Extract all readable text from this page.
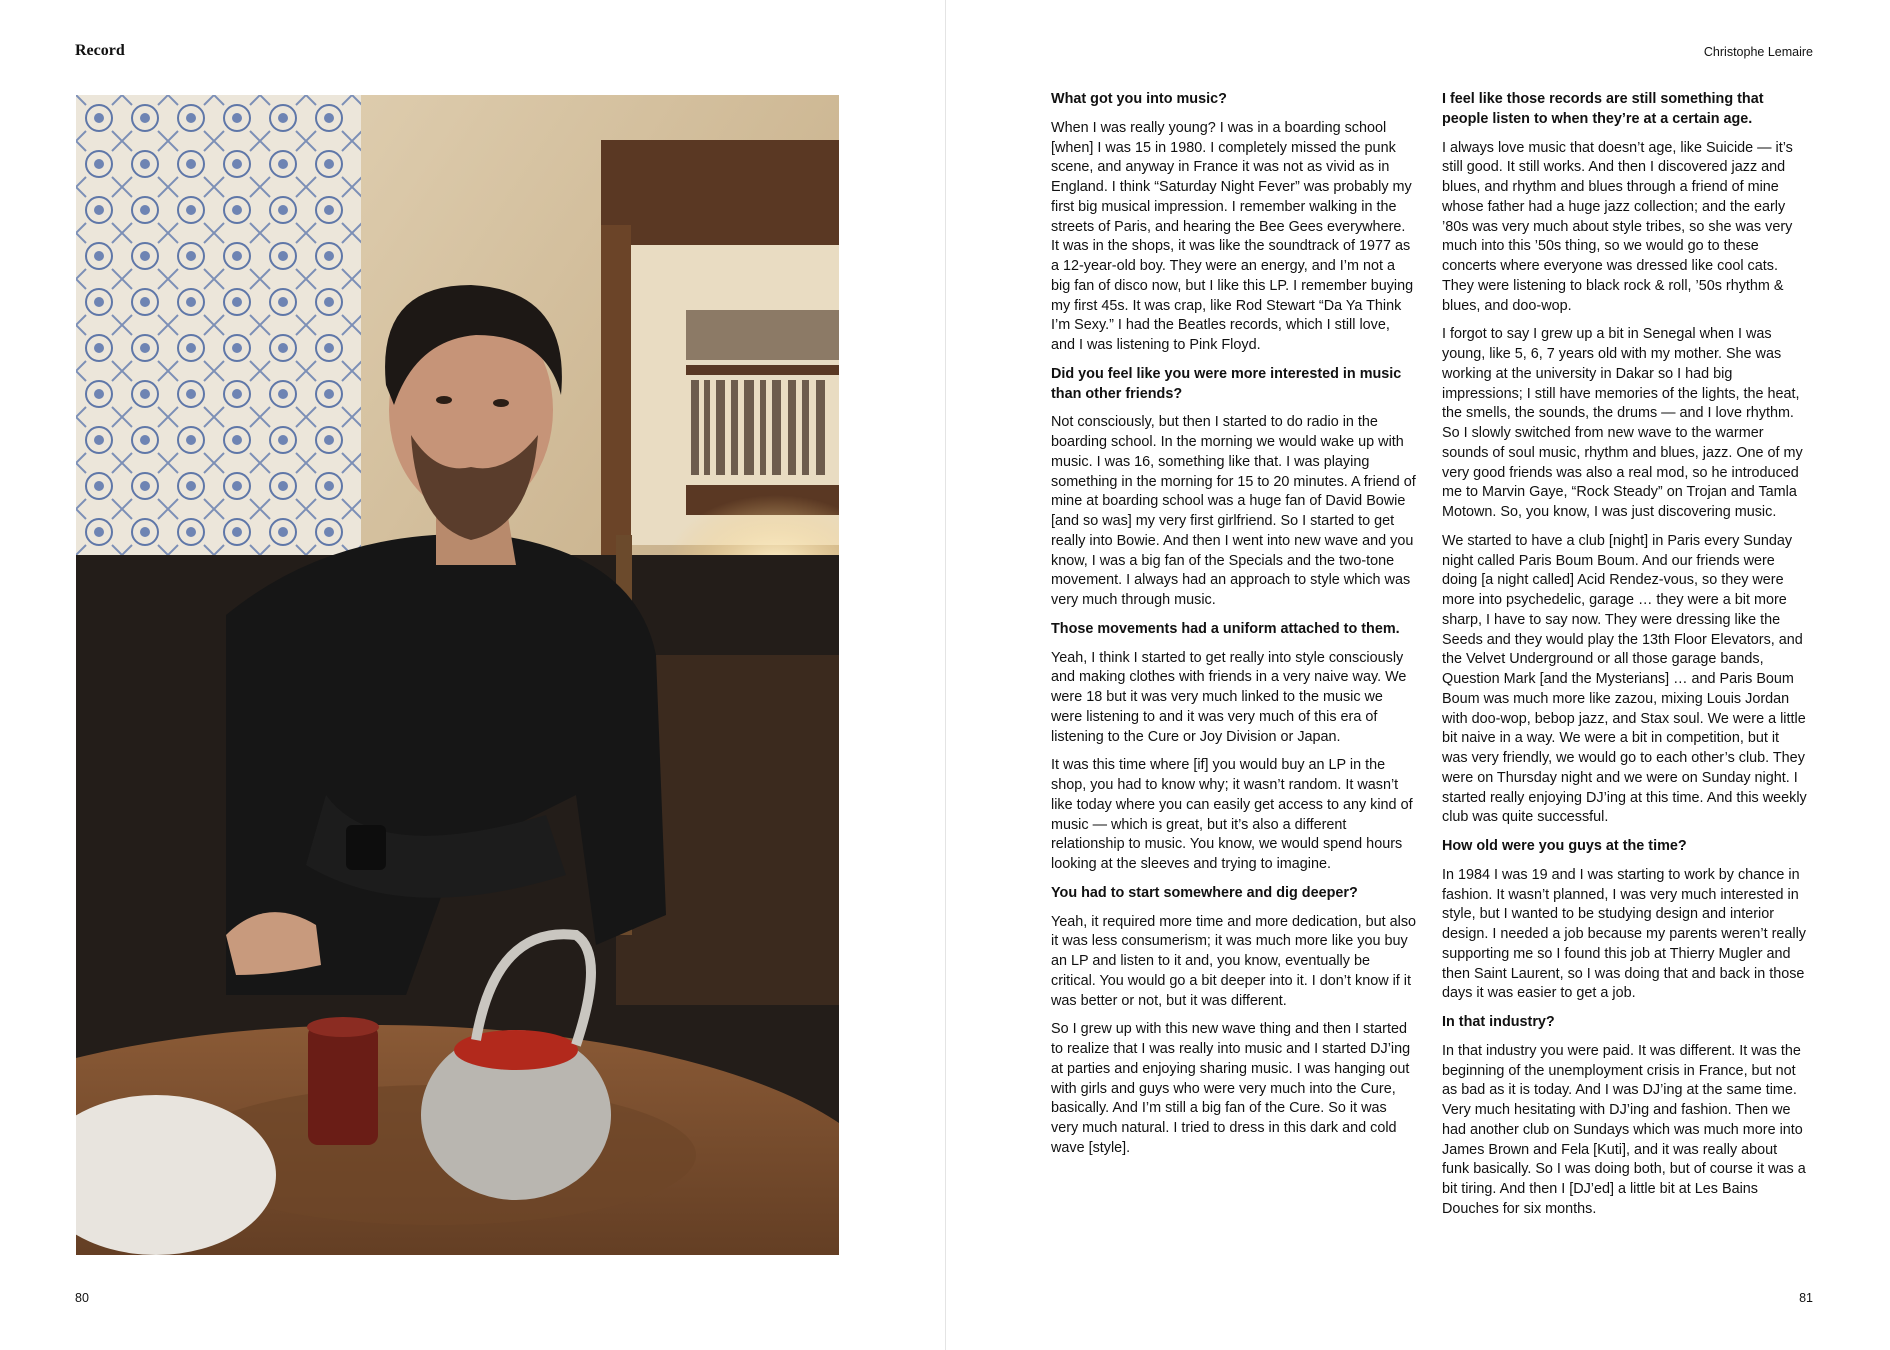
Record
80
Christophe Lemaire

What got you into music?

When I was really young? I was in a boarding school [when] I was 15 in 1980. I completely missed the punk scene, and anyway in France it was not as vivid as in England. I think “Saturday Night Fever” was probably my first big musical impression. I remember walking in the streets of Paris, and hearing the Bee Gees everywhere. It was in the shops, it was like the soundtrack of 1977 as a 12-year-old boy. They were an energy, and I’m not a big fan of disco now, but I like this LP. I remember buying my first 45s. It was crap, like Rod Stewart “Da Ya Think I’m Sexy.” I had the Beatles records, which I still love, and I was listening to Pink Floyd.

Did you feel like you were more interested in music than other friends?

Not consciously, but then I started to do radio in the boarding school. In the morning we would wake up with music. I was 16, something like that. I was playing something in the morning for 15 to 20 minutes. A friend of mine at boarding school was a huge fan of David Bowie [and so was] my very first girlfriend. So I started to get really into Bowie. And then I went into new wave and you know, I was a big fan of the Specials and the two-tone movement. I always had an approach to style which was very much through music.

Those movements had a uniform attached to them.

Yeah, I think I started to get really into style consciously and making clothes with friends in a very naive way. We were 18 but it was very much linked to the music we were listening to and it was very much of this era of listening to the Cure or Joy Division or Japan.

It was this time where [if] you would buy an LP in the shop, you had to know why; it wasn’t random. It wasn’t like today where you can easily get access to any kind of music — which is great, but it’s also a different relationship to music. You know, we would spend hours looking at the sleeves and trying to imagine.

You had to start somewhere and dig deeper?

Yeah, it required more time and more dedication, but also it was less consumerism; it was much more like you buy an LP and listen to it and, you know, eventually be critical. You would go a bit deeper into it. I don’t know if it was better or not, but it was different.

So I grew up with this new wave thing and then I started to realize that I was really into music and I started DJ’ing at parties and enjoying sharing music. I was hanging out with girls and guys who were very much into the Cure, basically. And I’m still a big fan of the Cure. So it was very much natural. I tried to dress in this dark and cold wave [style].

I feel like those records are still something that people listen to when they’re at a certain age.

I always love music that doesn’t age, like Suicide — it’s still good. It still works. And then I discovered jazz and blues, and rhythm and blues through a friend of mine whose father had a huge jazz collection; and the early ’80s was very much about style tribes, so she was very much into this ’50s thing, so we would go to these concerts where everyone was dressed like cool cats. They were listening to black rock & roll, ’50s rhythm & blues, and doo-wop.

I forgot to say I grew up a bit in Senegal when I was young, like 5, 6, 7 years old with my mother. She was working at the university in Dakar so I had big impressions; I still have memories of the lights, the heat, the smells, the sounds, the drums — and I love rhythm. So I slowly switched from new wave to the warmer sounds of soul music, rhythm and blues, jazz. One of my very good friends was also a real mod, so he introduced me to Marvin Gaye, “Rock Steady” on Trojan and Tamla Motown. So, you know, I was just discovering music.

We started to have a club [night] in Paris every Sunday night called Paris Boum Boum. And our friends were doing [a night called] Acid Rendez-vous, so they were more into psychedelic, garage … they were a bit more sharp, I have to say now. They were dressing like the Seeds and they would play the 13th Floor Elevators, and the Velvet Underground or all those garage bands, Question Mark [and the Mysterians] … and Paris Boum Boum was much more like zazou, mixing Louis Jordan with doo-wop, bebop jazz, and Stax soul. We were a little bit naive in a way. We were a bit in competition, but it was very friendly, we would go to each other’s club. They were on Thursday night and we were on Sunday night. I started really enjoying DJ’ing at this time. And this weekly club was quite successful.

How old were you guys at the time?

In 1984 I was 19 and I was starting to work by chance in fashion. It wasn’t planned, I was very much interested in style, but I wanted to be studying design and interior design. I needed a job because my parents weren’t really supporting me so I found this job at Thierry Mugler and then Saint Laurent, so I was doing that and back in those days it was easier to get a job.

In that industry?

In that industry you were paid. It was different. It was the beginning of the unemployment crisis in France, but not as bad as it is today. And I was DJ’ing at the same time. Very much hesitating with DJ’ing and fashion. Then we had another club on Sundays which was much more into James Brown and Fela [Kuti], and it was really about funk basically. So I was doing both, but of course it was a bit tiring. And then I [DJ’ed] a little bit at Les Bains Douches for six months.

81
